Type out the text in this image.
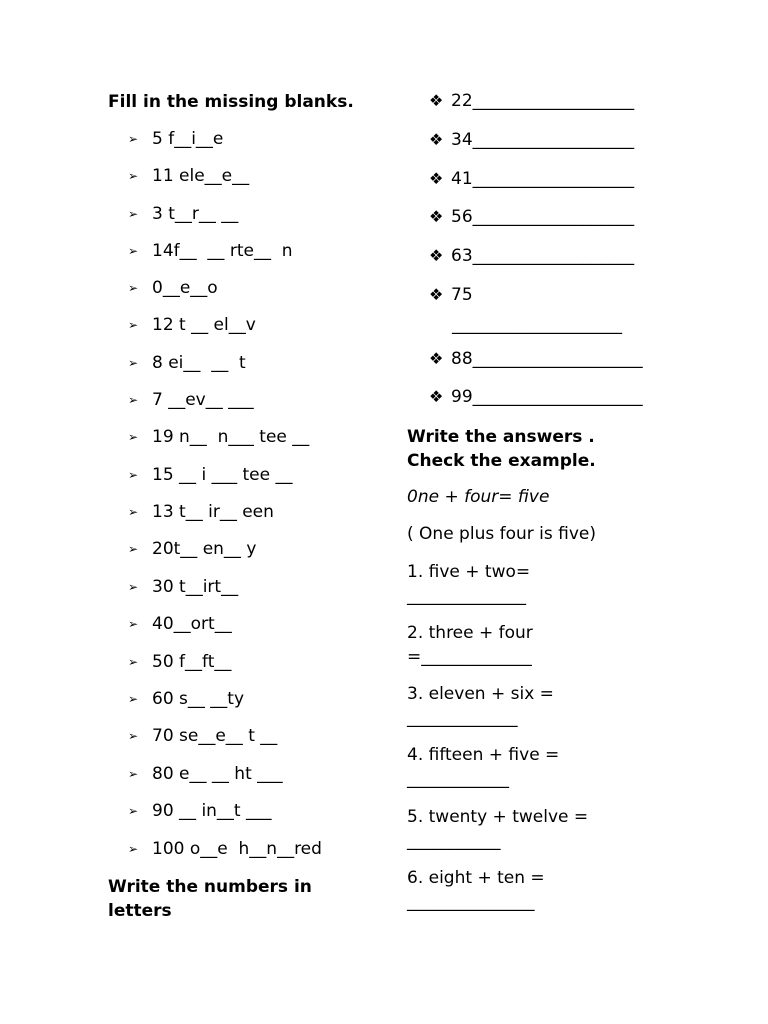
Fill in the missing blanks.
➢ 5 f__i__e
➢ 11 ele__e__
➢ 3 t__r__ __
➢ 14f__  __ rte__  n
➢ 0__e__o
➢ 12 t __ el__v
➢ 8 ei__  __  t
➢ 7 __ev__ ___
➢ 19 n__  n___ tee __
➢ 15 __ i ___ tee __
➢ 13 t__ ir__ een
➢ 20t__ en__ y
➢ 30 t__irt__
➢ 40__ort__
➢ 50 f__ft__
➢ 60 s__ __ty
➢ 70 se__e__ t __
➢ 80 e__ __ ht ___
➢ 90 __ in__t ___
➢ 100 o__e  h__n__red
Write the numbers in letters
❖ 22___________________
❖ 34___________________
❖ 41___________________
❖ 56___________________
❖ 63___________________
❖ 75
____________________
❖ 88____________________
❖ 99____________________
Write the answers .
Check the example.
0ne + four= five
( One plus four is five)
1. five + two=
______________
2. three + four
=_____________
3. eleven + six =
_____________
4. fifteen + five =
____________
5. twenty + twelve =
___________
6. eight + ten =
_______________
